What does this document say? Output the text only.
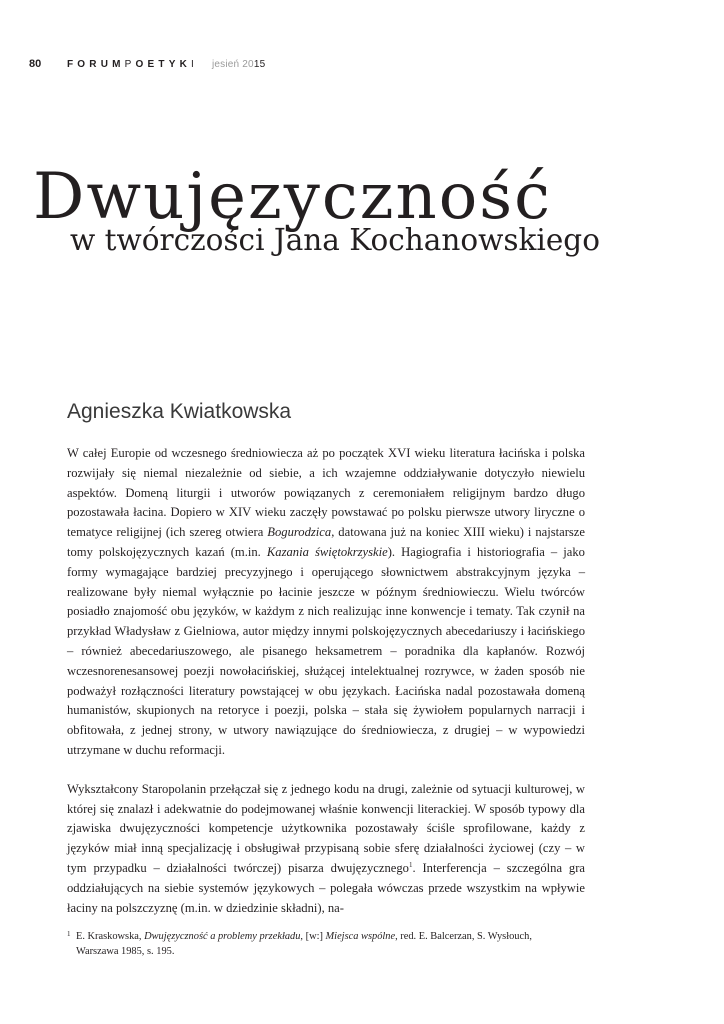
80	FORUMPOETYKI jesień 2015
Dwujęzyczność
w twórczości Jana Kochanowskiego
Agnieszka Kwiatkowska

W całej Europie od wczesnego średniowiecza aż po początek XVI wieku literatura łacińska i polska rozwijały się niemal niezależnie od siebie, a ich wzajemne oddziaływanie dotyczyło niewielu aspektów. Domeną liturgii i utworów powiązanych z ceremoniałem religijnym bardzo długo pozostawała łacina. Dopiero w XIV wieku zaczęły powstawać po polsku pierwsze utwory liryczne o tematyce religijnej (ich szereg otwiera Bogurodzica, datowana już na koniec XIII wieku) i najstarsze tomy polskojęzycznych kazań (m.in. Kazania świętokrzyskie). Hagiografia i historiografia – jako formy wymagające bardziej precyzyjnego i operującego słownictwem abstrakcyjnym języka – realizowane były niemal wyłącznie po łacinie jeszcze w późnym średniowieczu. Wielu twórców posiadło znajomość obu języków, w każdym z nich realizując inne konwencje i tematy. Tak czynił na przykład Władysław z Gielniowa, autor między innymi polskojęzycznych abecedariuszy i łacińskiego – również abecedariuszowego, ale pisanego heksametrem – poradnika dla kapłanów. Rozwój wczesnorenesansowej poezji nowołacińskiej, służącej intelektualnej rozrywce, w żaden sposób nie podważył rozłączności literatury powstającej w obu językach. Łacińska nadal pozostawała domeną humanistów, skupionych na retoryce i poezji, polska – stała się żywiołem popularnych narracji i obfitowała, z jednej strony, w utwory nawiązujące do średniowiecza, z drugiej – w wypowiedzi utrzymane w duchu reformacji.

Wykształcony Staropolanin przełączał się z jednego kodu na drugi, zależnie od sytuacji kulturowej, w której się znalazł i adekwatnie do podejmowanej właśnie konwencji literackiej. W sposób typowy dla zjawiska dwujęzyczności kompetencje użytkownika pozostawały ściśle sprofilowane, każdy z języków miał inną specjalizację i obsługiwał przypisaną sobie sferę działalności życiowej (czy – w tym przypadku – działalności twórczej) pisarza dwujęzycznego$^1$. Interferencja – szczególna gra oddziałujących na siebie systemów językowych – polegała wówczas przede wszystkim na wpływie łaciny na polszczyznę (m.in. w dziedzinie składni), na-

1 E. Kraskowska, Dwujęzyczność a problemy przekładu, [w:] Miejsca wspólne, red. E. Balcerzan, S. Wysłouch, Warszawa 1985, s. 195.
